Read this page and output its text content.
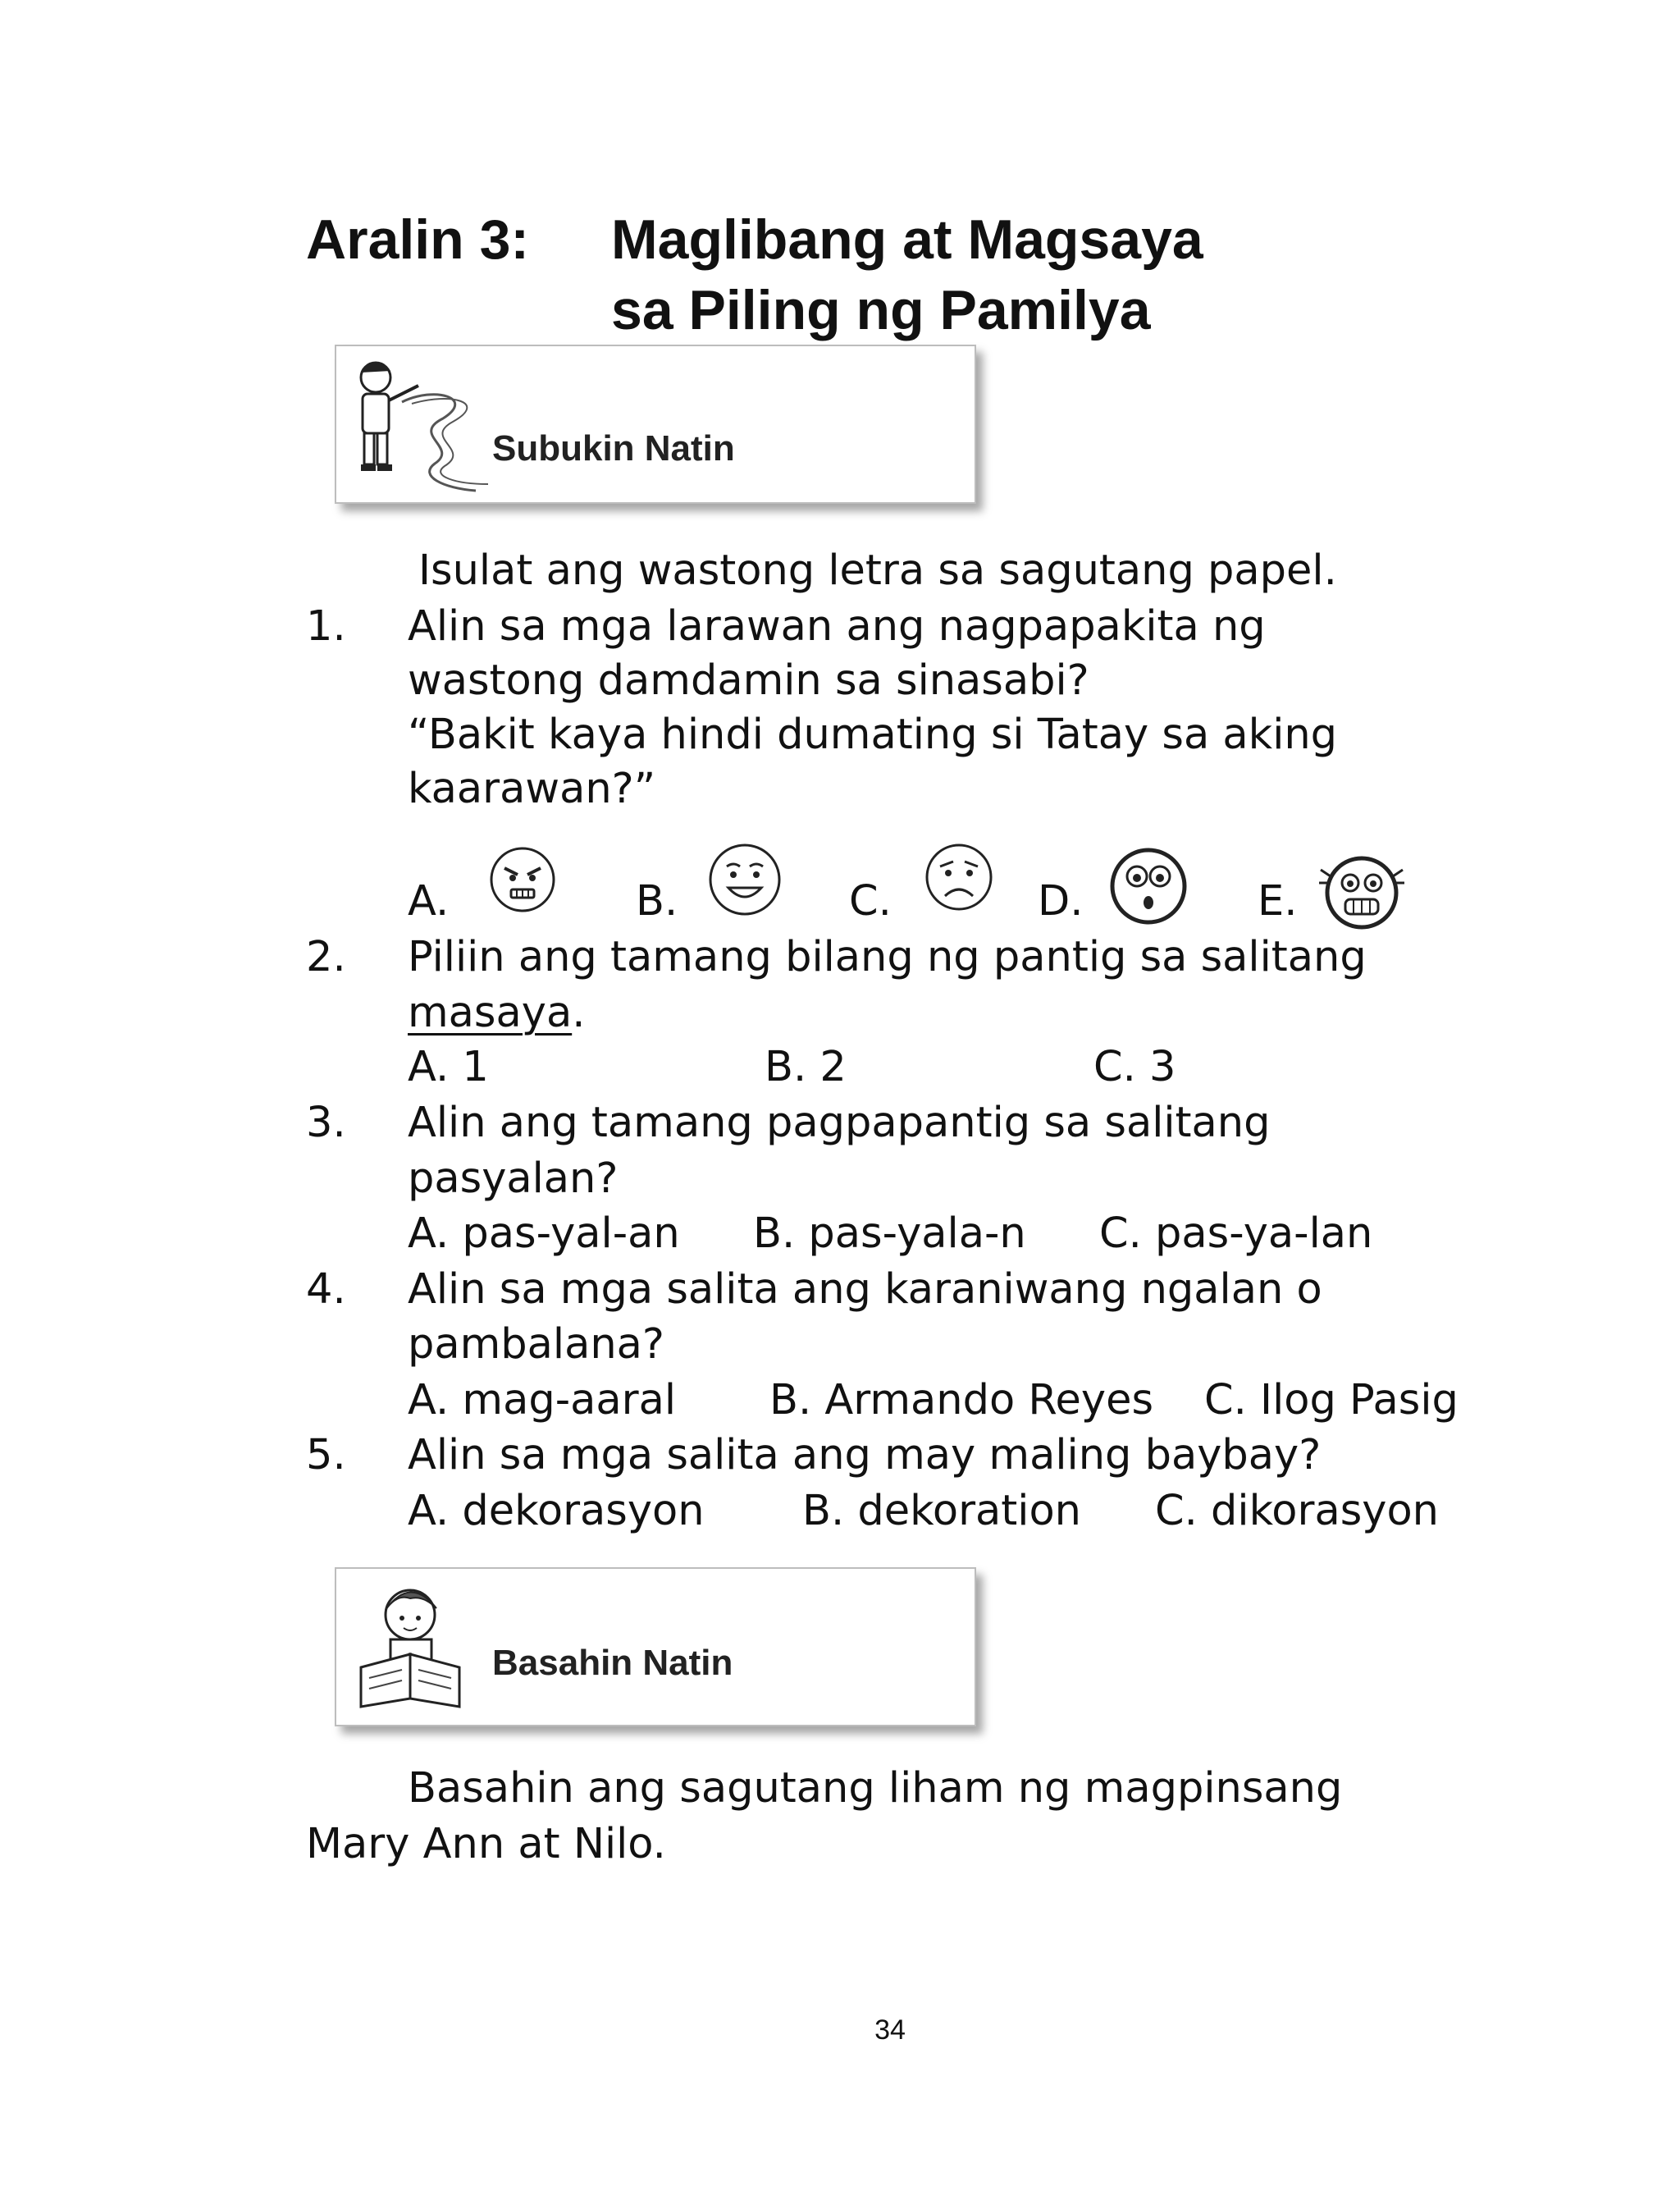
Aralin 3: Maglibang at Magsaya
sa Piling ng Pamilya
Subukin Natin
Isulat ang wastong letra sa sagutang papel.
1. Alin sa mga larawan ang nagpapakita ng
wastong damdamin sa sinasabi?
“Bakit kaya hindi dumating si Tatay sa aking
kaarawan?”
A.	B.	C.	D.	E.
2. Piliin ang tamang bilang ng pantig sa salitang
masaya.
A. 1	B. 2	C. 3
3. Alin ang tamang pagpapantig sa salitang
pasyalan?
A. pas-yal-an B. pas-yala-n C. pas-ya-lan
4. Alin sa mga salita ang karaniwang ngalan o
pambalana?
A. mag-aaral B. Armando Reyes C. Ilog Pasig
5. Alin sa mga salita ang may maling baybay?
A. dekorasyon B. dekoration C. dikorasyon
Basahin Natin
Basahin ang sagutang liham ng magpinsang
Mary Ann at Nilo.
34
